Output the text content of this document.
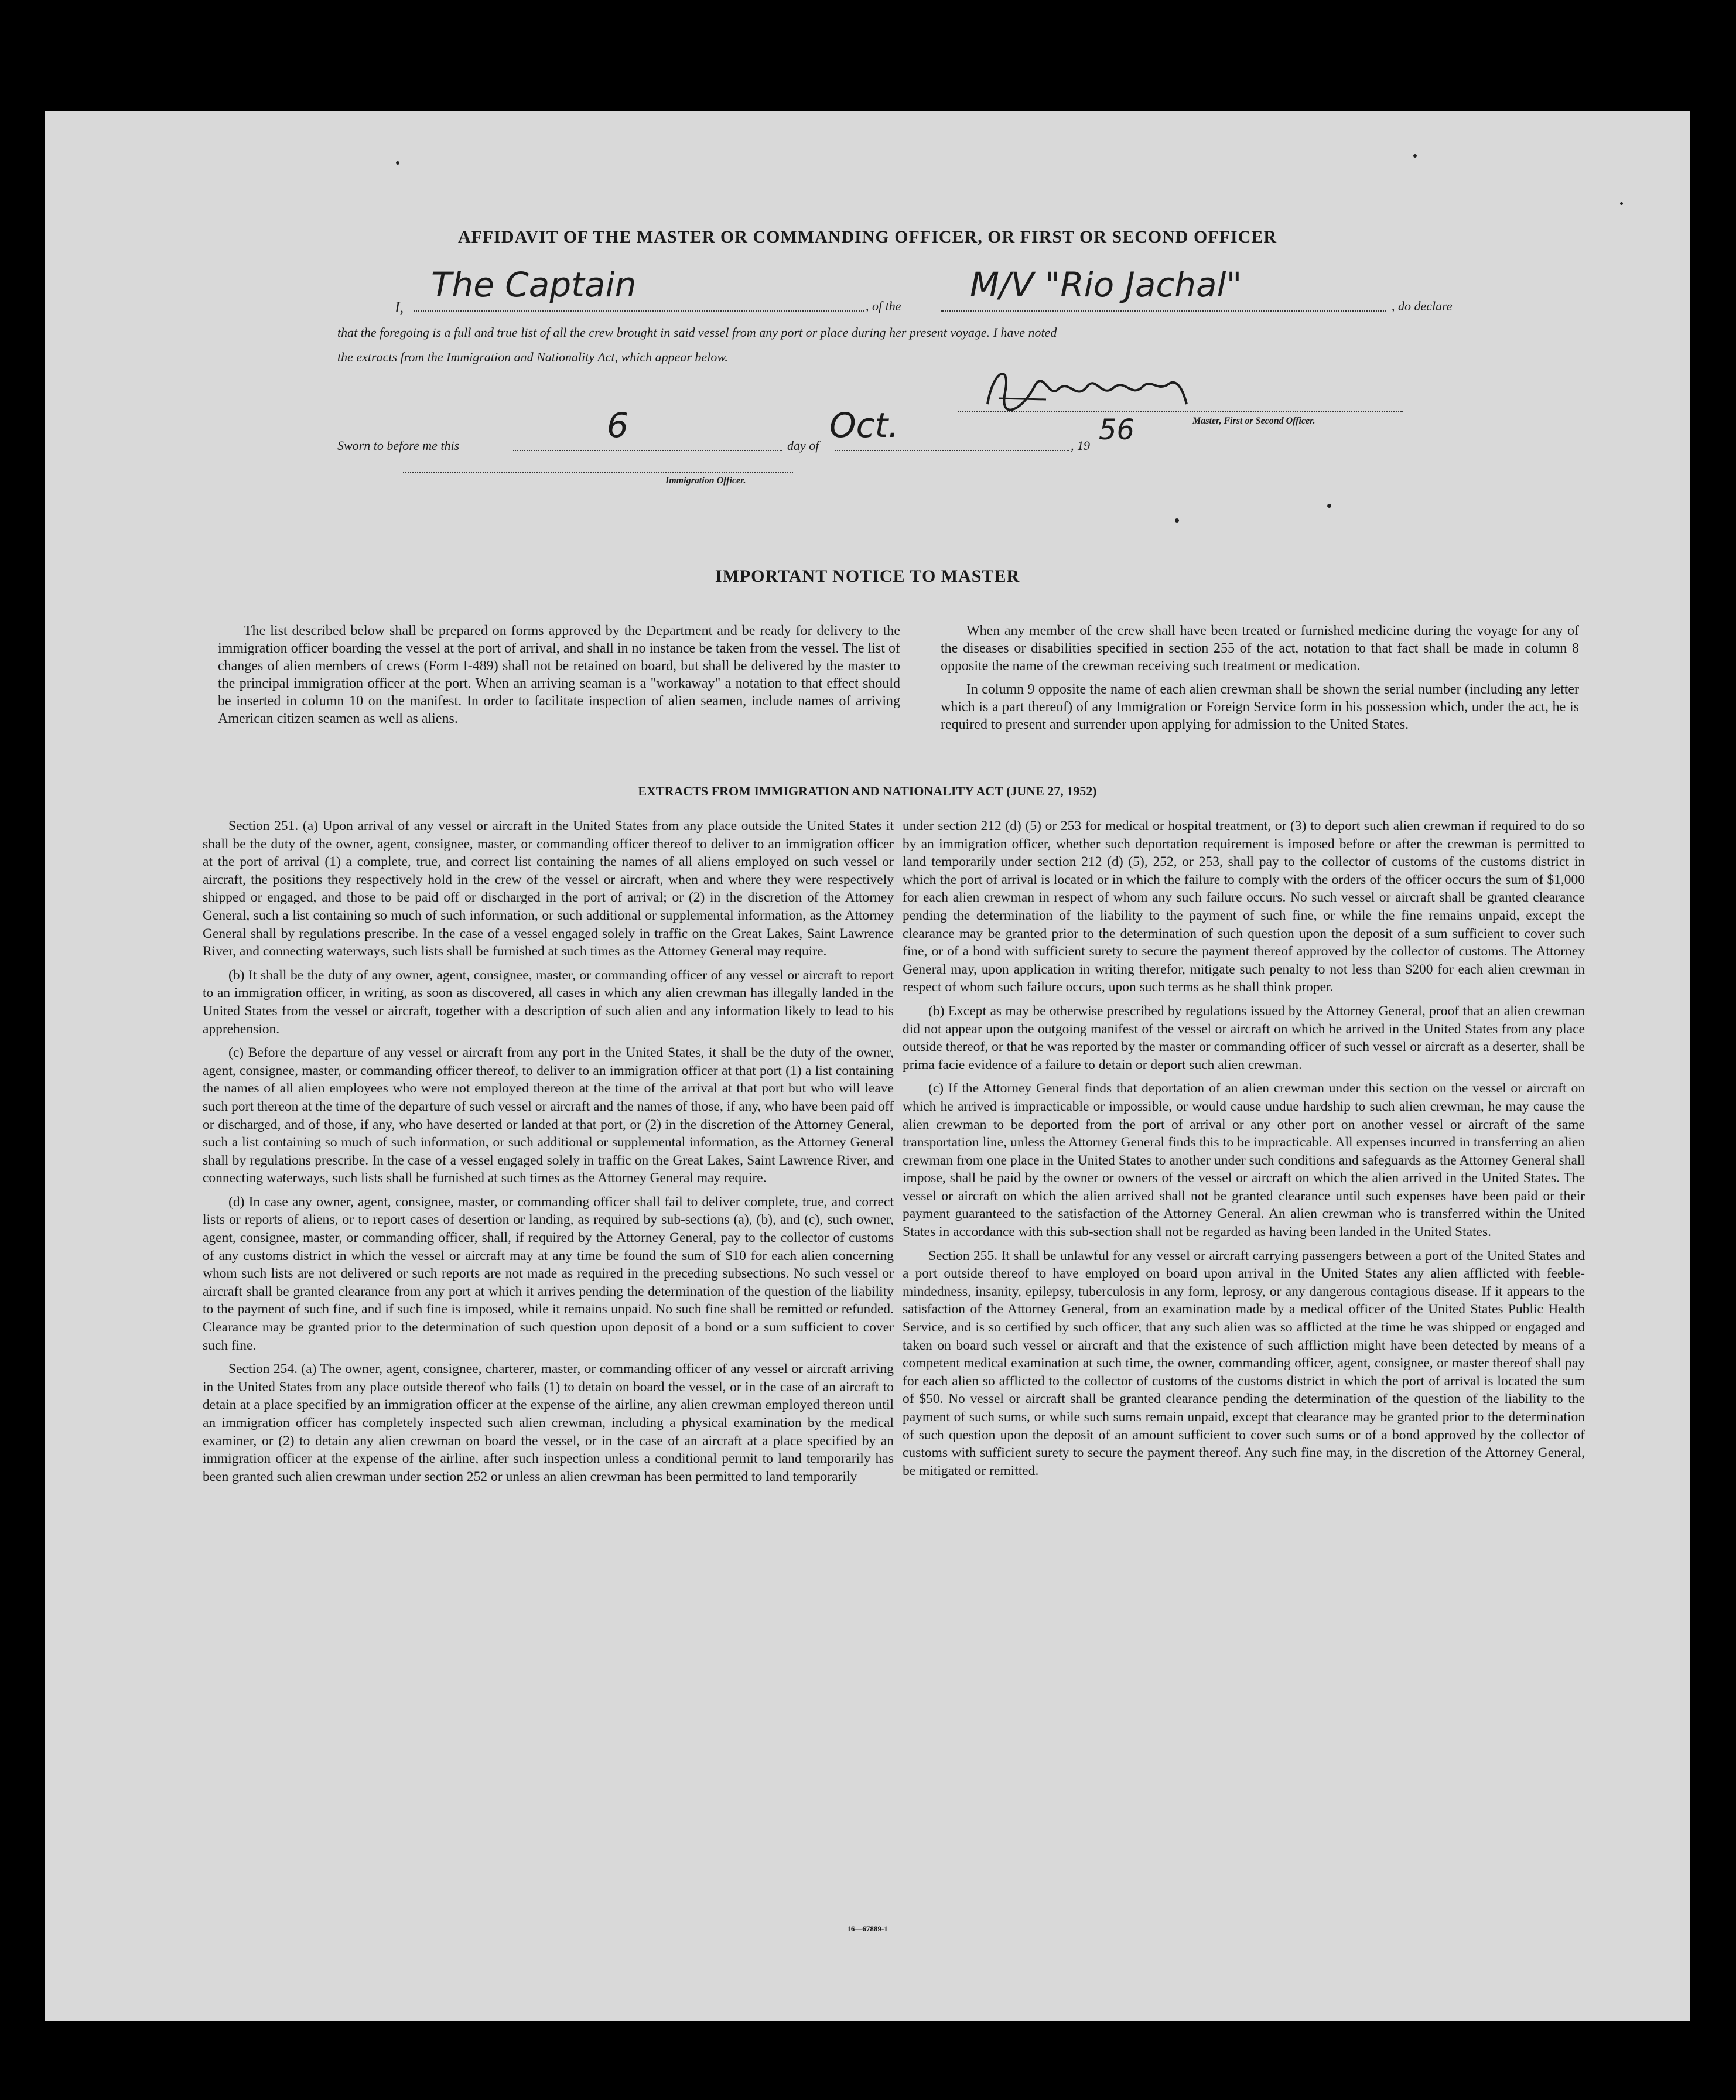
AFFIDAVIT OF THE MASTER OR COMMANDING OFFICER, OR FIRST OR SECOND OFFICER
I,
The Captain
, of the
M/V "Rio Jachal"
, do declare
that the foregoing is a full and true list of all the crew brought in said vessel from any port or place during her present voyage. I have noted
the extracts from the Immigration and Nationality Act, which appear below.
Master, First or Second Officer.
Sworn to before me this
6
day of
Oct.
, 19 56
Immigration Officer.
IMPORTANT NOTICE TO MASTER

The list described below shall be prepared on forms approved by the Department and be ready for delivery to the immigration officer boarding the vessel at the port of arrival, and shall in no instance be taken from the vessel. The list of changes of alien members of crews (Form I-489) shall not be retained on board, but shall be delivered by the master to the principal immigration officer at the port. When an arriving seaman is a "workaway" a notation to that effect should be inserted in column 10 on the manifest. In order to facilitate inspection of alien seamen, include names of arriving American citizen seamen as well as aliens.

When any member of the crew shall have been treated or furnished medicine during the voyage for any of the diseases or disabilities specified in section 255 of the act, notation to that fact shall be made in column 8 opposite the name of the crewman receiving such treatment or medication.

In column 9 opposite the name of each alien crewman shall be shown the serial number (including any letter which is a part thereof) of any Immigration or Foreign Service form in his possession which, under the act, he is required to present and surrender upon applying for admission to the United States.

EXTRACTS FROM IMMIGRATION AND NATIONALITY ACT (JUNE 27, 1952)

Section 251. (a) Upon arrival of any vessel or aircraft in the United States from any place outside the United States it shall be the duty of the owner, agent, consignee, master, or commanding officer thereof to deliver to an immigration officer at the port of arrival (1) a complete, true, and correct list containing the names of all aliens employed on such vessel or aircraft, the positions they respectively hold in the crew of the vessel or aircraft, when and where they were respectively shipped or engaged, and those to be paid off or discharged in the port of arrival; or (2) in the discretion of the Attorney General, such a list containing so much of such information, or such additional or supplemental information, as the Attorney General shall by regulations prescribe. In the case of a vessel engaged solely in traffic on the Great Lakes, Saint Lawrence River, and connecting waterways, such lists shall be furnished at such times as the Attorney General may require.

(b) It shall be the duty of any owner, agent, consignee, master, or commanding officer of any vessel or aircraft to report to an immigration officer, in writing, as soon as discovered, all cases in which any alien crewman has illegally landed in the United States from the vessel or aircraft, together with a description of such alien and any information likely to lead to his apprehension.

(c) Before the departure of any vessel or aircraft from any port in the United States, it shall be the duty of the owner, agent, consignee, master, or commanding officer thereof, to deliver to an immigration officer at that port (1) a list containing the names of all alien employees who were not employed thereon at the time of the arrival at that port but who will leave such port thereon at the time of the departure of such vessel or aircraft and the names of those, if any, who have been paid off or discharged, and of those, if any, who have deserted or landed at that port, or (2) in the discretion of the Attorney General, such a list containing so much of such information, or such additional or supplemental information, as the Attorney General shall by regulations prescribe. In the case of a vessel engaged solely in traffic on the Great Lakes, Saint Lawrence River, and connecting waterways, such lists shall be furnished at such times as the Attorney General may require.

(d) In case any owner, agent, consignee, master, or commanding officer shall fail to deliver complete, true, and correct lists or reports of aliens, or to report cases of desertion or landing, as required by sub-sections (a), (b), and (c), such owner, agent, consignee, master, or commanding officer, shall, if required by the Attorney General, pay to the collector of customs of any customs district in which the vessel or aircraft may at any time be found the sum of $10 for each alien concerning whom such lists are not delivered or such reports are not made as required in the preceding subsections. No such vessel or aircraft shall be granted clearance from any port at which it arrives pending the determination of the question of the liability to the payment of such fine, and if such fine is imposed, while it remains unpaid. No such fine shall be remitted or refunded. Clearance may be granted prior to the determination of such question upon deposit of a bond or a sum sufficient to cover such fine.

Section 254. (a) The owner, agent, consignee, charterer, master, or commanding officer of any vessel or aircraft arriving in the United States from any place outside thereof who fails (1) to detain on board the vessel, or in the case of an aircraft to detain at a place specified by an immigration officer at the expense of the airline, any alien crewman employed thereon until an immigration officer has completely inspected such alien crewman, including a physical examination by the medical examiner, or (2) to detain any alien crewman on board the vessel, or in the case of an aircraft at a place specified by an immigration officer at the expense of the airline, after such inspection unless a conditional permit to land temporarily has been granted such alien crewman under section 252 or unless an alien crewman has been permitted to land temporarily

under section 212 (d) (5) or 253 for medical or hospital treatment, or (3) to deport such alien crewman if required to do so by an immigration officer, whether such deportation requirement is imposed before or after the crewman is permitted to land temporarily under section 212 (d) (5), 252, or 253, shall pay to the collector of customs of the customs district in which the port of arrival is located or in which the failure to comply with the orders of the officer occurs the sum of $1,000 for each alien crewman in respect of whom any such failure occurs. No such vessel or aircraft shall be granted clearance pending the determination of the liability to the payment of such fine, or while the fine remains unpaid, except the clearance may be granted prior to the determination of such question upon the deposit of a sum sufficient to cover such fine, or of a bond with sufficient surety to secure the payment thereof approved by the collector of customs. The Attorney General may, upon application in writing therefor, mitigate such penalty to not less than $200 for each alien crewman in respect of whom such failure occurs, upon such terms as he shall think proper.

(b) Except as may be otherwise prescribed by regulations issued by the Attorney General, proof that an alien crewman did not appear upon the outgoing manifest of the vessel or aircraft on which he arrived in the United States from any place outside thereof, or that he was reported by the master or commanding officer of such vessel or aircraft as a deserter, shall be prima facie evidence of a failure to detain or deport such alien crewman.

(c) If the Attorney General finds that deportation of an alien crewman under this section on the vessel or aircraft on which he arrived is impracticable or impossible, or would cause undue hardship to such alien crewman, he may cause the alien crewman to be deported from the port of arrival or any other port on another vessel or aircraft of the same transportation line, unless the Attorney General finds this to be impracticable. All expenses incurred in transferring an alien crewman from one place in the United States to another under such conditions and safeguards as the Attorney General shall impose, shall be paid by the owner or owners of the vessel or aircraft on which the alien arrived in the United States. The vessel or aircraft on which the alien arrived shall not be granted clearance until such expenses have been paid or their payment guaranteed to the satisfaction of the Attorney General. An alien crewman who is transferred within the United States in accordance with this sub-section shall not be regarded as having been landed in the United States.

Section 255. It shall be unlawful for any vessel or aircraft carrying passengers between a port of the United States and a port outside thereof to have employed on board upon arrival in the United States any alien afflicted with feeble-mindedness, insanity, epilepsy, tuberculosis in any form, leprosy, or any dangerous contagious disease. If it appears to the satisfaction of the Attorney General, from an examination made by a medical officer of the United States Public Health Service, and is so certified by such officer, that any such alien was so afflicted at the time he was shipped or engaged and taken on board such vessel or aircraft and that the existence of such affliction might have been detected by means of a competent medical examination at such time, the owner, commanding officer, agent, consignee, or master thereof shall pay for each alien so afflicted to the collector of customs of the customs district in which the port of arrival is located the sum of $50. No vessel or aircraft shall be granted clearance pending the determination of the question of the liability to the payment of such sums, or while such sums remain unpaid, except that clearance may be granted prior to the determination of such question upon the deposit of an amount sufficient to cover such sums or of a bond approved by the collector of customs with sufficient surety to secure the payment thereof. Any such fine may, in the discretion of the Attorney General, be mitigated or remitted.

16—67889-1
